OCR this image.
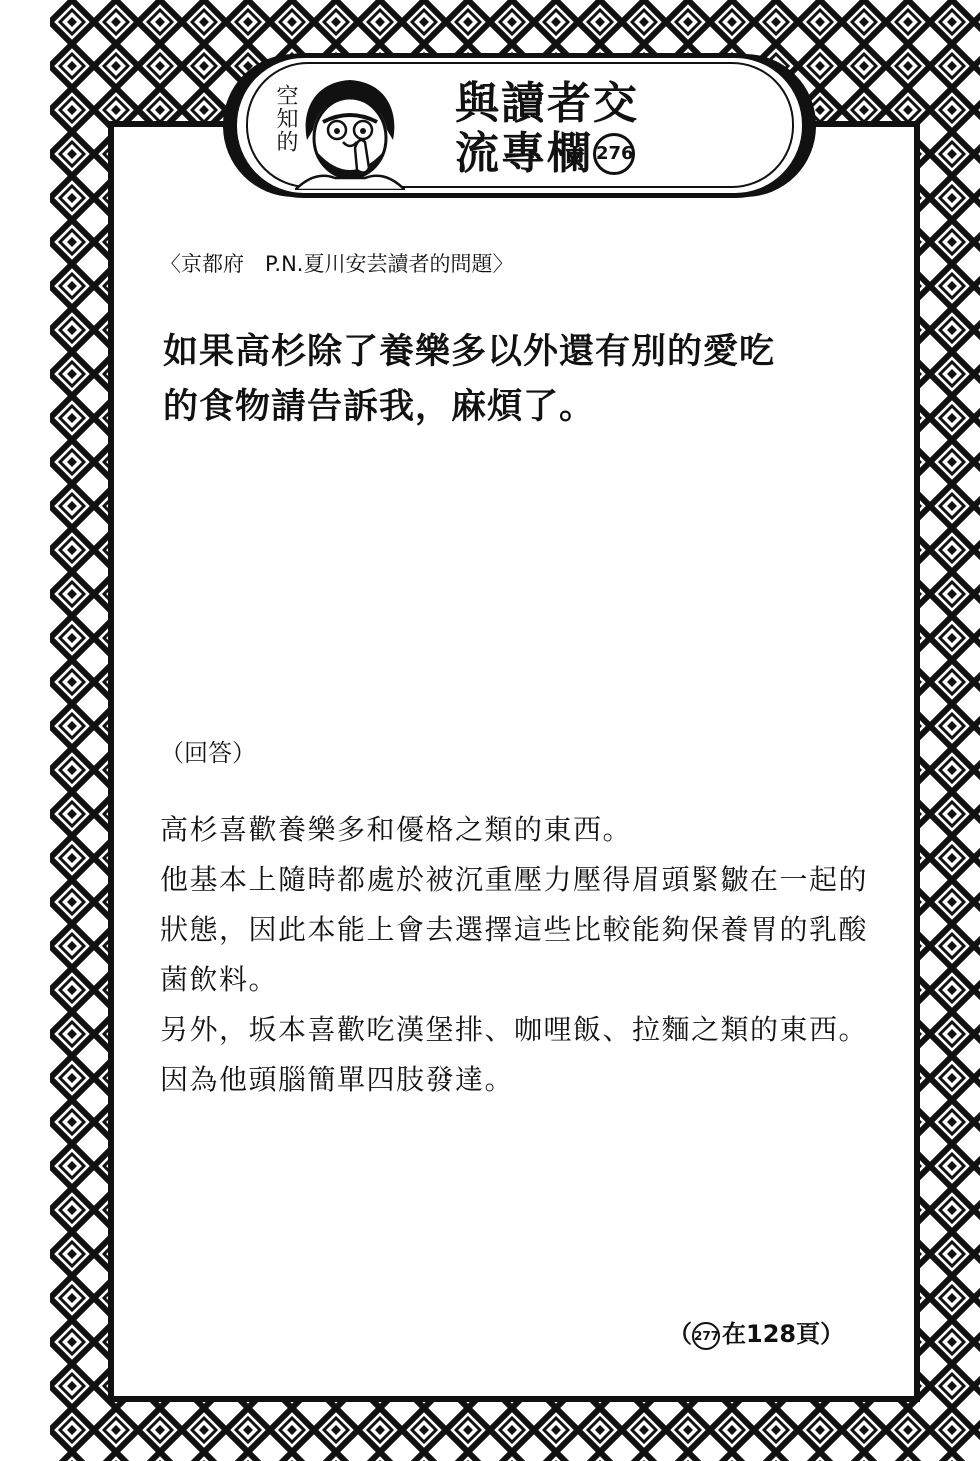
空知的	與讀者交
流專欄 276
〈京都府　P.N.夏川安芸讀者的問題〉
如果高杉除了養樂多以外還有別的愛吃
的食物請告訴我，麻煩了。
（回答）
高杉喜歡養樂多和優格之類的東西。
他基本上隨時都處於被沉重壓力壓得眉頭緊皺在一起的
狀態，因此本能上會去選擇這些比較能夠保養胃的乳酸
菌飲料。
另外，坂本喜歡吃漢堡排、咖哩飯、拉麵之類的東西。
因為他頭腦簡單四肢發達。
（ 277 在128頁）
